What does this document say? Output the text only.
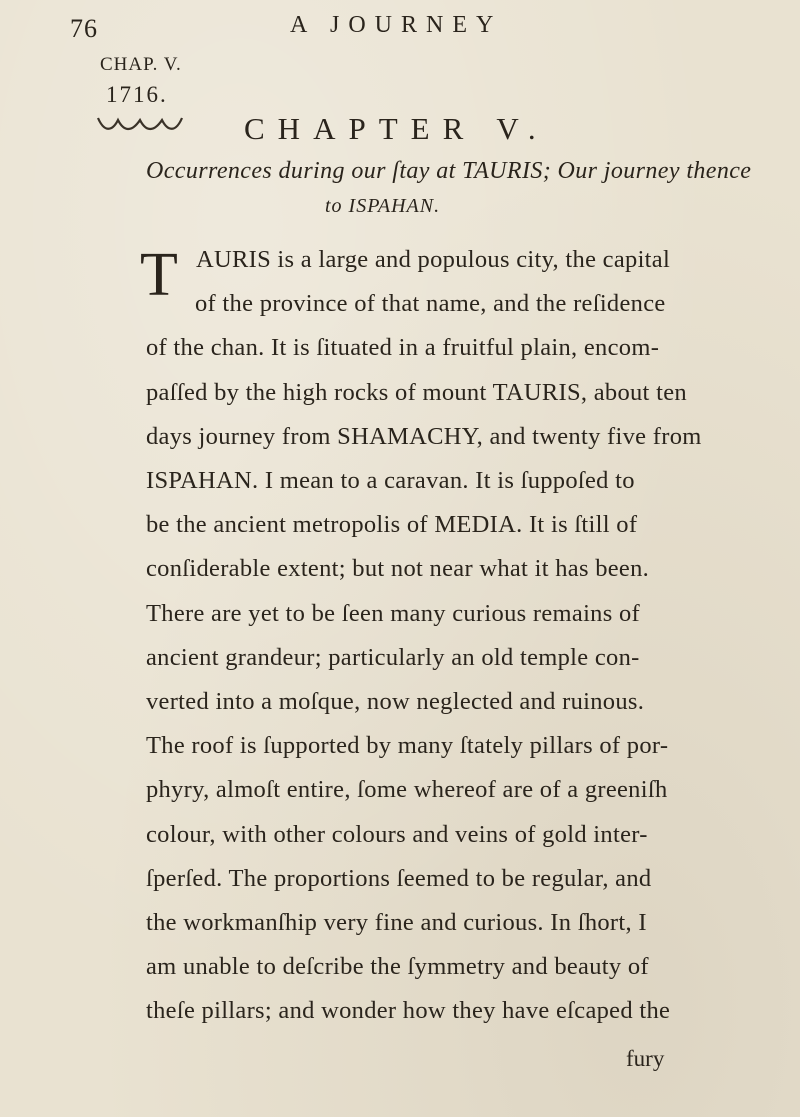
76	A JOURNEY
CHAP. V.
1716.
CHAPTER V.
Occurrences during our ſtay at TAURIS; Our journey thence
to ISPAHAN.
T AURIS is a large and populous city, the capital
of the province of that name, and the reſidence
of the chan. It is ſituated in a fruitful plain, encom-
paſſed by the high rocks of mount TAURIS, about ten
days journey from SHAMACHY, and twenty five from
ISPAHAN. I mean to a caravan. It is ſuppoſed to
be the ancient metropolis of MEDIA. It is ſtill of
conſiderable extent; but not near what it has been.
There are yet to be ſeen many curious remains of
ancient grandeur; particularly an old temple con-
verted into a moſque, now neglected and ruinous.
The roof is ſupported by many ſtately pillars of por-
phyry, almoſt entire, ſome whereof are of a greeniſh
colour, with other colours and veins of gold inter-
ſperſed. The proportions ſeemed to be regular, and
the workmanſhip very fine and curious. In ſhort, I
fury
am unable to deſcribe the ſymmetry and beauty of
theſe pillars; and wonder how they have eſcaped the
